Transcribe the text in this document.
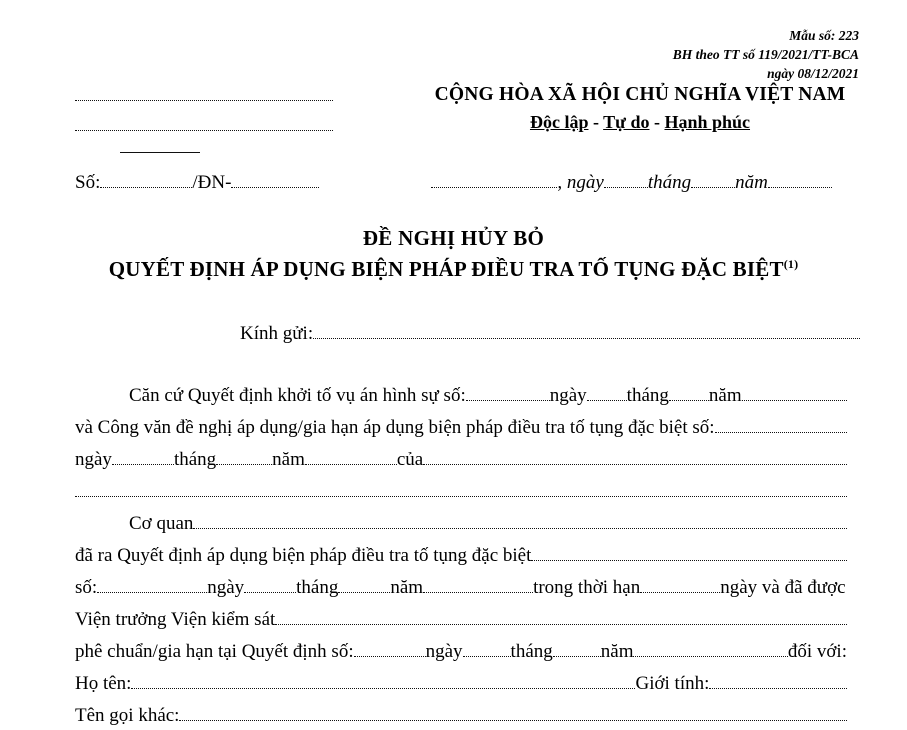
Mẫu số: 223
BH theo TT số 119/2021/TT-BCA
ngày 08/12/2021
CỘNG HÒA XÃ HỘI CHỦ NGHĨA VIỆT NAM
Độc lập - Tự do - Hạnh phúc
Số:	/ĐN-	, ngày tháng năm
ĐỀ NGHỊ HỦY BỎ
QUYẾT ĐỊNH ÁP DỤNG BIỆN PHÁP ĐIỀU TRA TỐ TỤNG ĐẶC BIỆT$^{(1)}$
Kính gửi:
Căn cứ Quyết định khởi tố vụ án hình sự số:	ngày tháng năm
và Công văn đề nghị áp dụng/gia hạn áp dụng biện pháp điều tra tố tụng đặc biệt số:
ngày	tháng	năm	của
Cơ quan
đã ra Quyết định áp dụng biện pháp điều tra tố tụng đặc biệt
số:	ngày	tháng	năm	trong thời hạn	ngày và đã được
Viện trưởng Viện kiểm sát
phê chuẩn/gia hạn tại Quyết định số:	ngày	tháng	năm	đối với:
Họ tên:	Giới tính:
Tên gọi khác:
